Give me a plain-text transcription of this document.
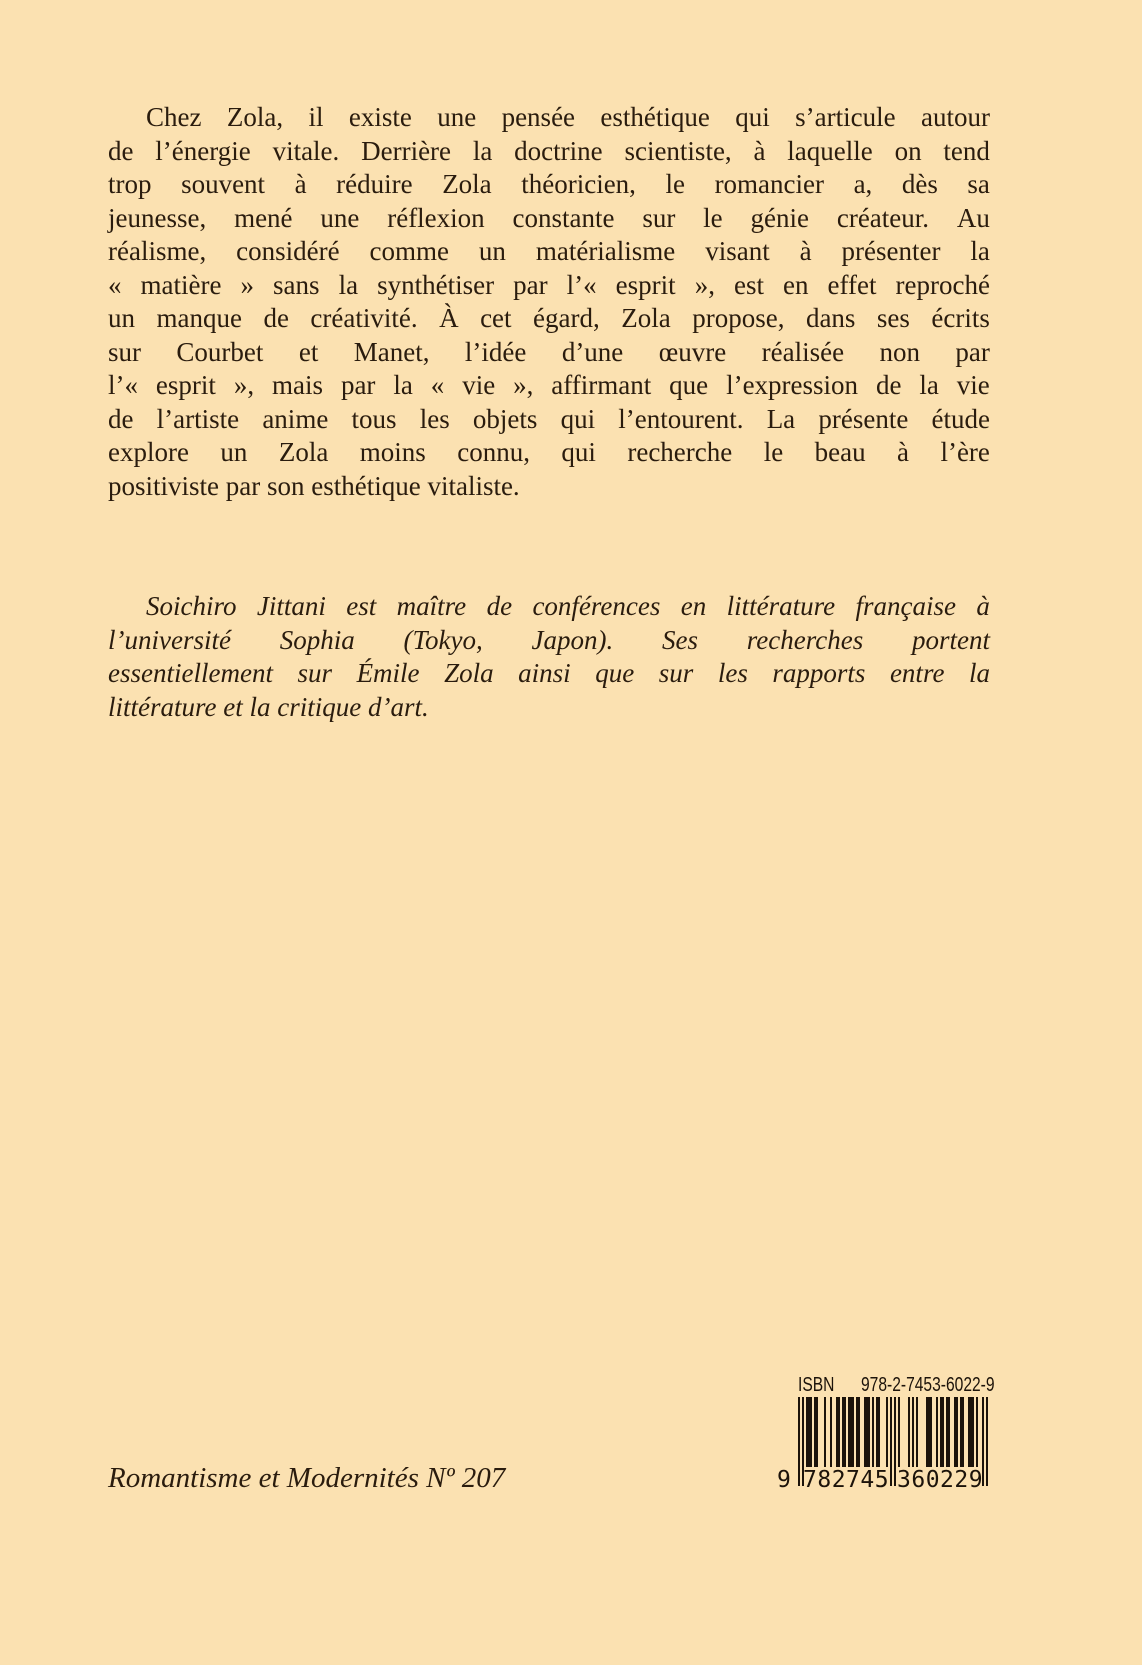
Chez Zola, il existe une pensée esthétique qui s’articule autour
de l’énergie vitale. Derrière la doctrine scientiste, à laquelle on tend
trop souvent à réduire Zola théoricien, le romancier a, dès sa
jeunesse, mené une réflexion constante sur le génie créateur. Au
réalisme, considéré comme un matérialisme visant à présenter la
« matière » sans la synthétiser par l’« esprit », est en effet reproché
un manque de créativité. À cet égard, Zola propose, dans ses écrits
sur Courbet et Manet, l’idée d’une œuvre réalisée non par
l’« esprit », mais par la « vie », affirmant que l’expression de la vie
de l’artiste anime tous les objets qui l’entourent. La présente étude
explore un Zola moins connu, qui recherche le beau à l’ère
positiviste par son esthétique vitaliste.
Soichiro Jittani est maître de conférences en littérature française à
l’université Sophia (Tokyo, Japon). Ses recherches portent
essentiellement sur Émile Zola ainsi que sur les rapports entre la
littérature et la critique d’art.
Romantisme et Modernités Nº 207
ISBN 978-2-7453-6022-9
9 782745 360229
